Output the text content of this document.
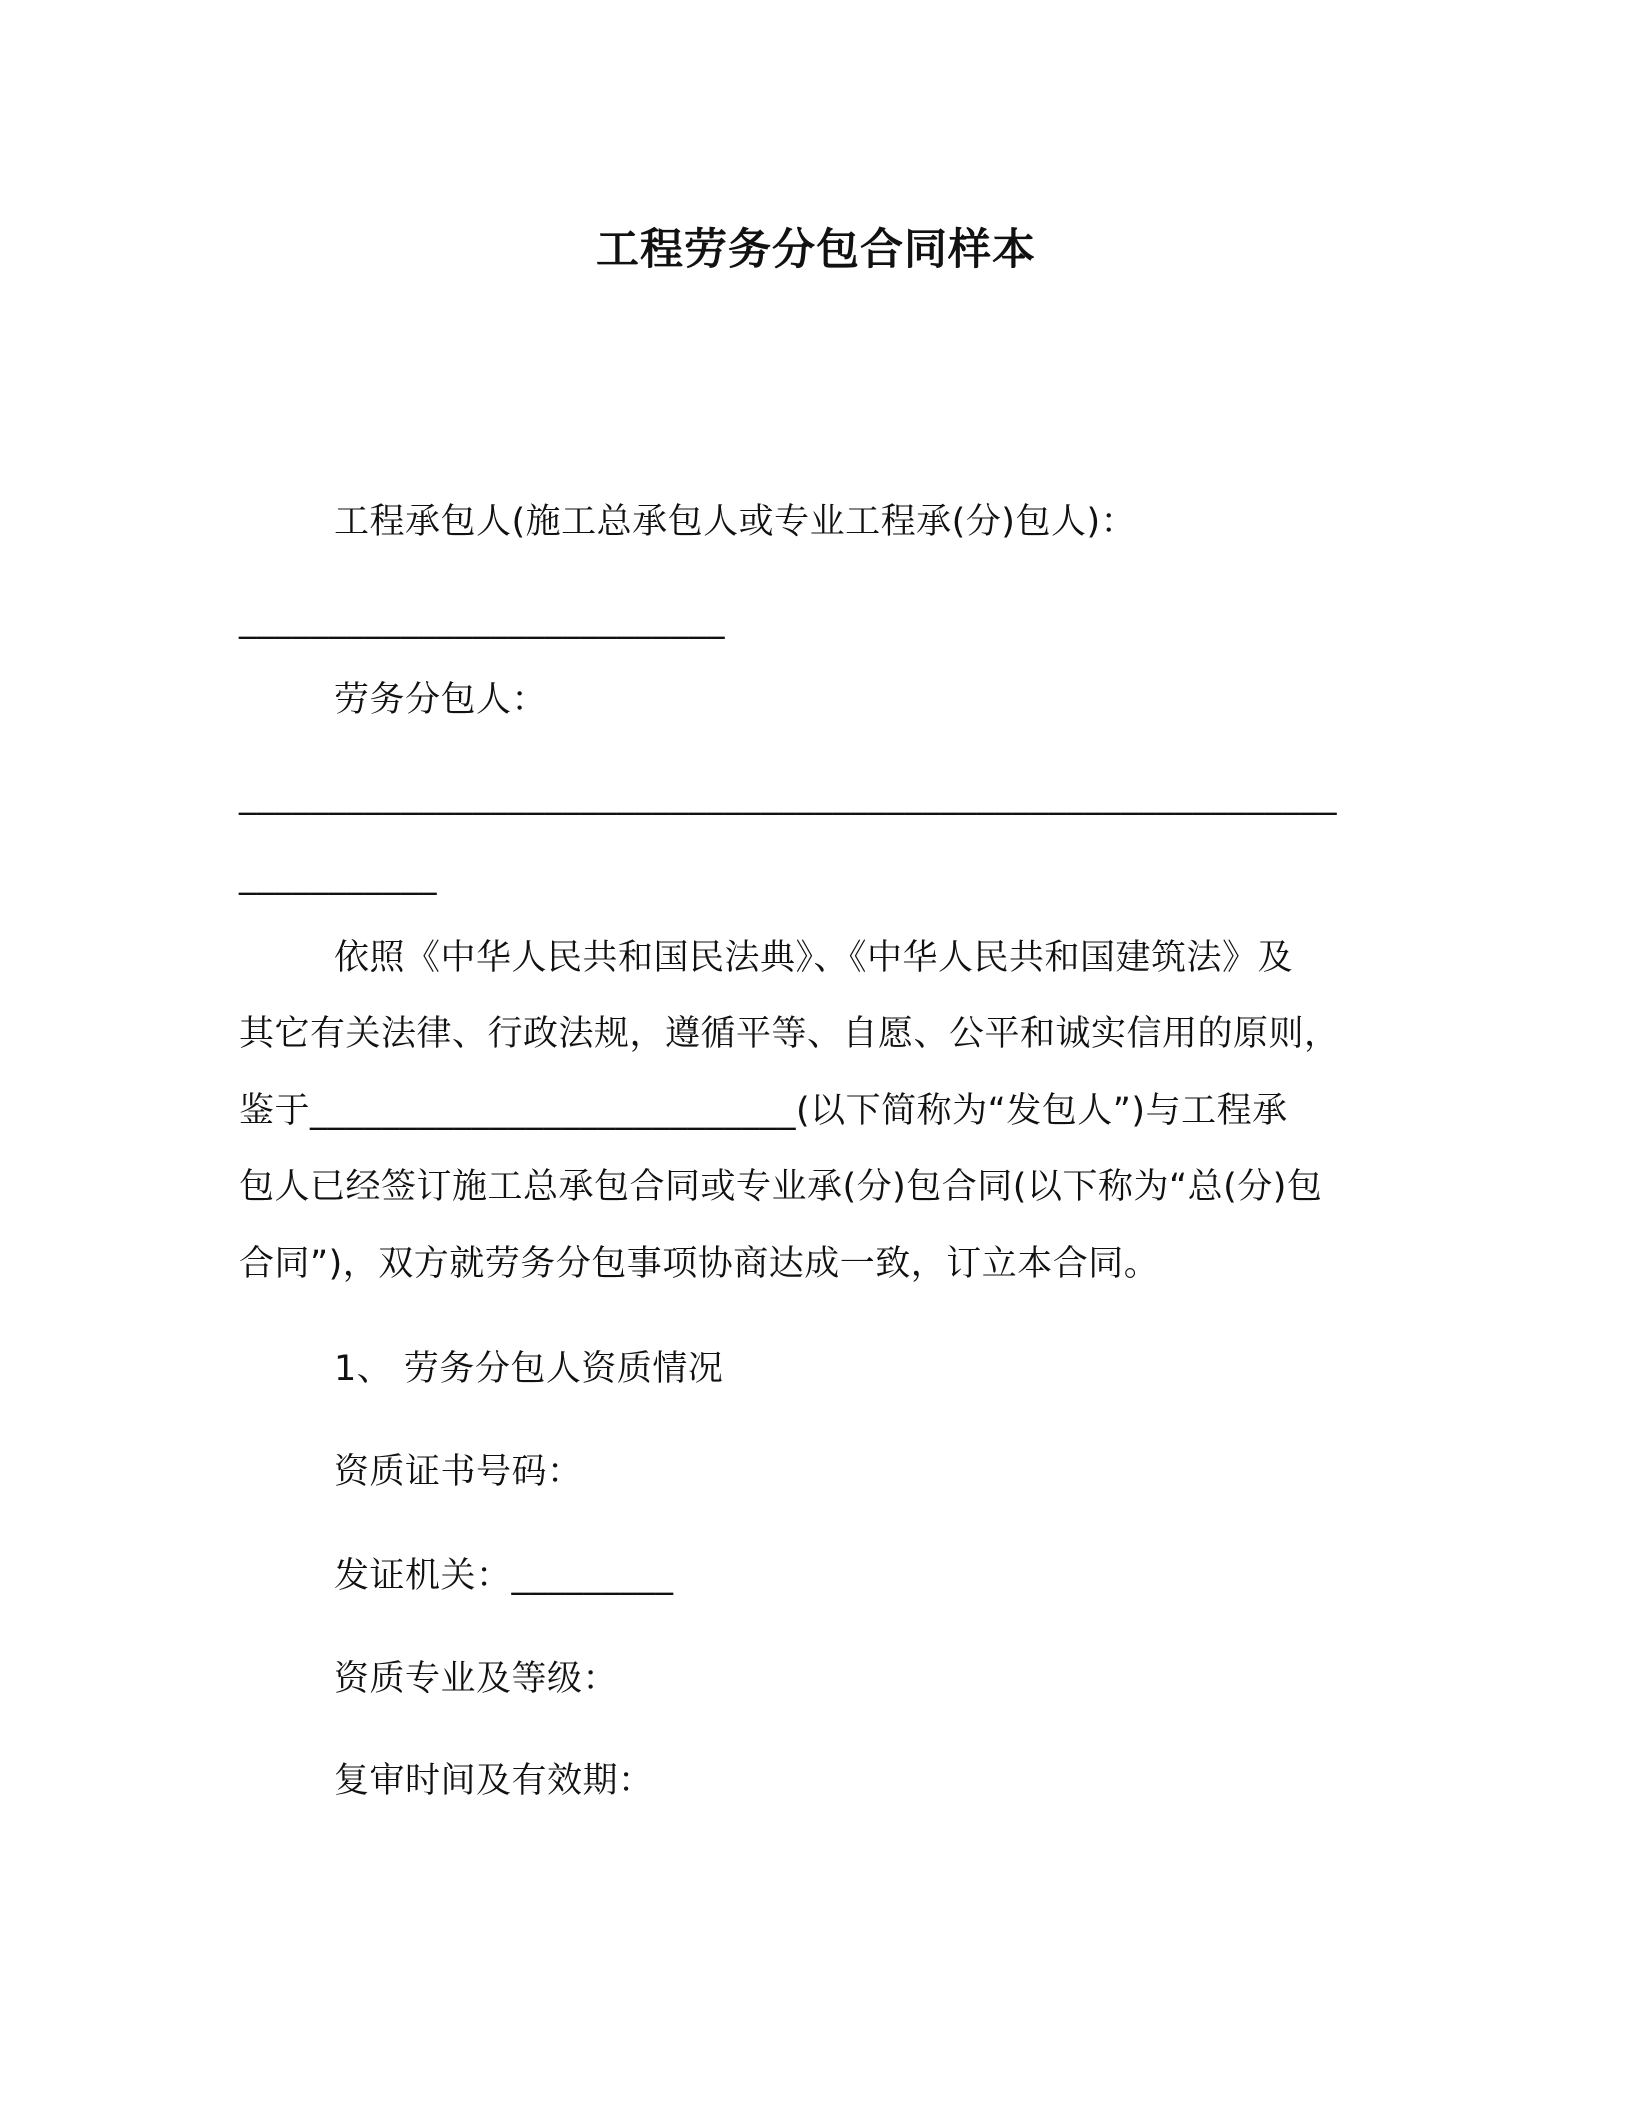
工程劳务分包合同样本
工程承包人(施工总承包人或专业工程承(分)包人)：
___________________________
劳务分包人：
_____________________________________________________________
___________
依照《中华人民共和国民法典》、《中华人民共和国建筑法》及
其它有关法律、行政法规，遵循平等、自愿、公平和诚实信用的原则，
鉴于___________________________(以下简称为“发包人”)与工程承
包人已经签订施工总承包合同或专业承(分)包合同(以下称为“总(分)包
合同”)，双方就劳务分包事项协商达成一致，订立本合同。
1、 劳务分包人资质情况
资质证书号码：
发证机关：_________
资质专业及等级：
复审时间及有效期：
